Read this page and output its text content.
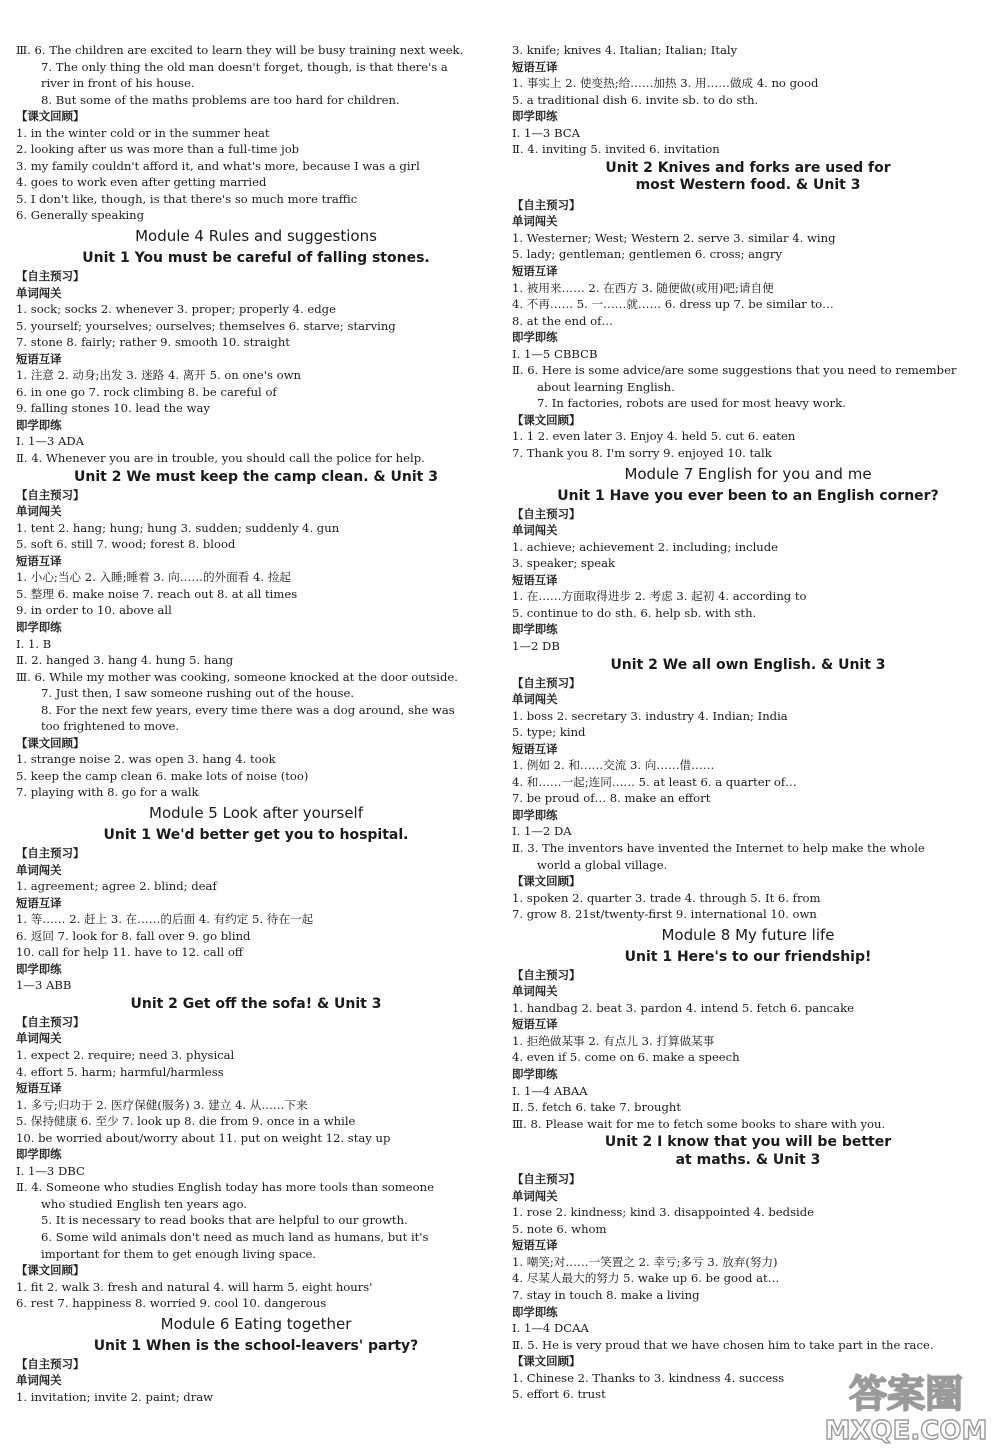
Ⅲ. 6. The children are excited to learn they will be busy training next week.
7. The only thing the old man doesn't forget, though, is that there's a
river in front of his house.
8. But some of the maths problems are too hard for children.
【课文回顾】
1. in the winter cold or in the summer heat
2. looking after us was more than a full-time job
3. my family couldn't afford it, and what's more, because I was a girl
4. goes to work even after getting married
5. I don't like, though, is that there's so much more traffic
6. Generally speaking
Module 4 Rules and suggestions
Unit 1 You must be careful of falling stones.
【自主预习】
单词闯关
1. sock; socks 2. whenever 3. proper; properly 4. edge
5. yourself; yourselves; ourselves; themselves 6. starve; starving
7. stone 8. fairly; rather 9. smooth 10. straight
短语互译
1. 注意 2. 动身;出发 3. 迷路 4. 离开 5. on one's own
6. in one go 7. rock climbing 8. be careful of
9. falling stones 10. lead the way
即学即练
Ⅰ. 1—3 ADA
Ⅱ. 4. Whenever you are in trouble, you should call the police for help.
Unit 2 We must keep the camp clean. & Unit 3
【自主预习】
单词闯关
1. tent 2. hang; hung; hung 3. sudden; suddenly 4. gun
5. soft 6. still 7. wood; forest 8. blood
短语互译
1. 小心;当心 2. 入睡;睡着 3. 向……的外面看 4. 捡起
5. 整理 6. make noise 7. reach out 8. at all times
9. in order to 10. above all
即学即练
Ⅰ. 1. B
Ⅱ. 2. hanged 3. hang 4. hung 5. hang
Ⅲ. 6. While my mother was cooking, someone knocked at the door outside.
7. Just then, I saw someone rushing out of the house.
8. For the next few years, every time there was a dog around, she was
too frightened to move.
【课文回顾】
1. strange noise 2. was open 3. hang 4. took
5. keep the camp clean 6. make lots of noise (too)
7. playing with 8. go for a walk
Module 5 Look after yourself
Unit 1 We'd better get you to hospital.
【自主预习】
单词闯关
1. agreement; agree 2. blind; deaf
短语互译
1. 等…… 2. 赶上 3. 在……的后面 4. 有约定 5. 待在一起
6. 返回 7. look for 8. fall over 9. go blind
10. call for help 11. have to 12. call off
即学即练
1—3 ABB
Unit 2 Get off the sofa! & Unit 3
【自主预习】
单词闯关
1. expect 2. require; need 3. physical
4. effort 5. harm; harmful/harmless
短语互译
1. 多亏;归功于 2. 医疗保健(服务) 3. 建立 4. 从……下来
5. 保持健康 6. 至少 7. look up 8. die from 9. once in a while
10. be worried about/worry about 11. put on weight 12. stay up
即学即练
Ⅰ. 1—3 DBC
Ⅱ. 4. Someone who studies English today has more tools than someone
who studied English ten years ago.
5. It is necessary to read books that are helpful to our growth.
6. Some wild animals don't need as much land as humans, but it's
important for them to get enough living space.
【课文回顾】
1. fit 2. walk 3. fresh and natural 4. will harm 5. eight hours'
6. rest 7. happiness 8. worried 9. cool 10. dangerous
Module 6 Eating together
Unit 1 When is the school-leavers' party?
【自主预习】
单词闯关
1. invitation; invite 2. paint; draw
3. knife; knives 4. Italian; Italian; Italy
短语互译
1. 事实上 2. 使变热;给……加热 3. 用……做成 4. no good
5. a traditional dish 6. invite sb. to do sth.
即学即练
Ⅰ. 1—3 BCA
Ⅱ. 4. inviting 5. invited 6. invitation
Unit 2 Knives and forks are used for
most Western food. & Unit 3
【自主预习】
单词闯关
1. Westerner; West; Western 2. serve 3. similar 4. wing
5. lady; gentleman; gentlemen 6. cross; angry
短语互译
1. 被用来…… 2. 在西方 3. 随便做(或用)吧;请自便
4. 不再…… 5. 一……就…… 6. dress up 7. be similar to…
8. at the end of…
即学即练
Ⅰ. 1—5 CBBCB
Ⅱ. 6. Here is some advice/are some suggestions that you need to remember
about learning English.
7. In factories, robots are used for most heavy work.
【课文回顾】
1. 1 2. even later 3. Enjoy 4. held 5. cut 6. eaten
7. Thank you 8. I'm sorry 9. enjoyed 10. talk
Module 7 English for you and me
Unit 1 Have you ever been to an English corner?
【自主预习】
单词闯关
1. achieve; achievement 2. including; include
3. speaker; speak
短语互译
1. 在……方面取得进步 2. 考虑 3. 起初 4. according to
5. continue to do sth. 6. help sb. with sth.
即学即练
1—2 DB
Unit 2 We all own English. & Unit 3
【自主预习】
单词闯关
1. boss 2. secretary 3. industry 4. Indian; India
5. type; kind
短语互译
1. 例如 2. 和……交流 3. 向……借……
4. 和……一起;连同…… 5. at least 6. a quarter of…
7. be proud of… 8. make an effort
即学即练
Ⅰ. 1—2 DA
Ⅱ. 3. The inventors have invented the Internet to help make the whole
world a global village.
【课文回顾】
1. spoken 2. quarter 3. trade 4. through 5. It 6. from
7. grow 8. 21st/twenty-first 9. international 10. own
Module 8 My future life
Unit 1 Here's to our friendship!
【自主预习】
单词闯关
1. handbag 2. beat 3. pardon 4. intend 5. fetch 6. pancake
短语互译
1. 拒绝做某事 2. 有点儿 3. 打算做某事
4. even if 5. come on 6. make a speech
即学即练
Ⅰ. 1—4 ABAA
Ⅱ. 5. fetch 6. take 7. brought
Ⅲ. 8. Please wait for me to fetch some books to share with you.
Unit 2 I know that you will be better
at maths. & Unit 3
【自主预习】
单词闯关
1. rose 2. kindness; kind 3. disappointed 4. bedside
5. note 6. whom
短语互译
1. 嘲笑;对……一笑置之 2. 幸亏;多亏 3. 放弃(努力)
4. 尽某人最大的努力 5. wake up 6. be good at…
7. stay in touch 8. make a living
即学即练
Ⅰ. 1—4 DCAA
Ⅱ. 5. He is very proud that we have chosen him to take part in the race.
【课文回顾】
1. Chinese 2. Thanks to 3. kindness 4. success
5. effort 6. trust	答案圈
MXQE.COM
